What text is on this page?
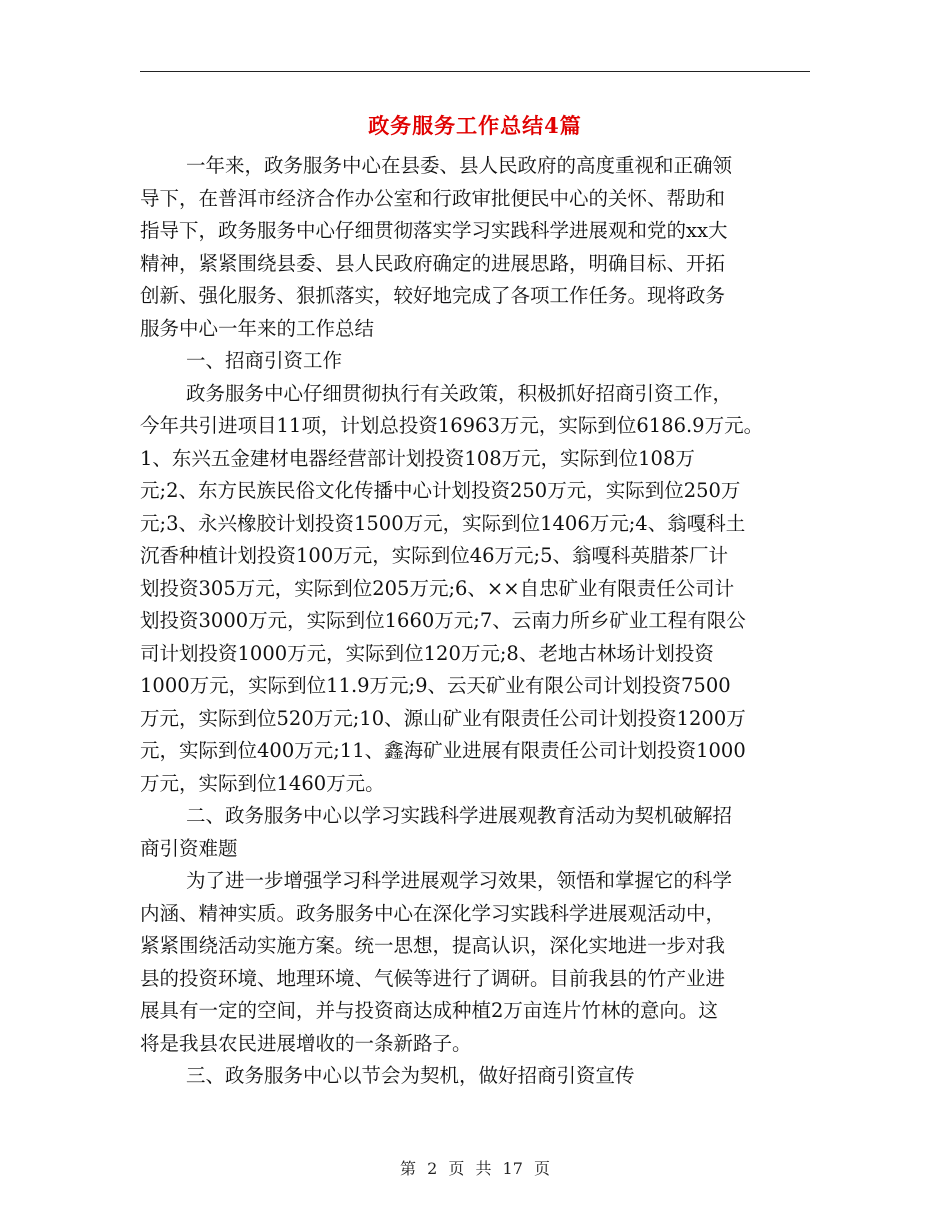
政务服务工作总结4篇
一年来，政务服务中心在县委、县人民政府的高度重视和正确领
导下，在普洱市经济合作办公室和行政审批便民中心的关怀、帮助和
指导下，政务服务中心仔细贯彻落实学习实践科学进展观和党的xx大
精神，紧紧围绕县委、县人民政府确定的进展思路，明确目标、开拓
创新、强化服务、狠抓落实，较好地完成了各项工作任务。现将政务
服务中心一年来的工作总结
一、招商引资工作
政务服务中心仔细贯彻执行有关政策，积极抓好招商引资工作，
今年共引进项目11项，计划总投资16963万元，实际到位6186.9万元。
1、东兴五金建材电器经营部计划投资108万元，实际到位108万
元;2、东方民族民俗文化传播中心计划投资250万元，实际到位250万
元;3、永兴橡胶计划投资1500万元，实际到位1406万元;4、翁嘎科土
沉香种植计划投资100万元，实际到位46万元;5、翁嘎科英腊茶厂计
划投资305万元，实际到位205万元;6、××自忠矿业有限责任公司计
划投资3000万元，实际到位1660万元;7、云南力所乡矿业工程有限公
司计划投资1000万元，实际到位120万元;8、老地古林场计划投资
1000万元，实际到位11.9万元;9、云天矿业有限公司计划投资7500
万元，实际到位520万元;10、源山矿业有限责任公司计划投资1200万
元，实际到位400万元;11、鑫海矿业进展有限责任公司计划投资1000
万元，实际到位1460万元。
二、政务服务中心以学习实践科学进展观教育活动为契机破解招
商引资难题
为了进一步增强学习科学进展观学习效果，领悟和掌握它的科学
内涵、精神实质。政务服务中心在深化学习实践科学进展观活动中，
紧紧围绕活动实施方案。统一思想，提高认识，深化实地进一步对我
县的投资环境、地理环境、气候等进行了调研。目前我县的竹产业进
展具有一定的空间，并与投资商达成种植2万亩连片竹林的意向。这
将是我县农民进展增收的一条新路子。
三、政务服务中心以节会为契机，做好招商引资宣传
第 2 页 共 17 页
